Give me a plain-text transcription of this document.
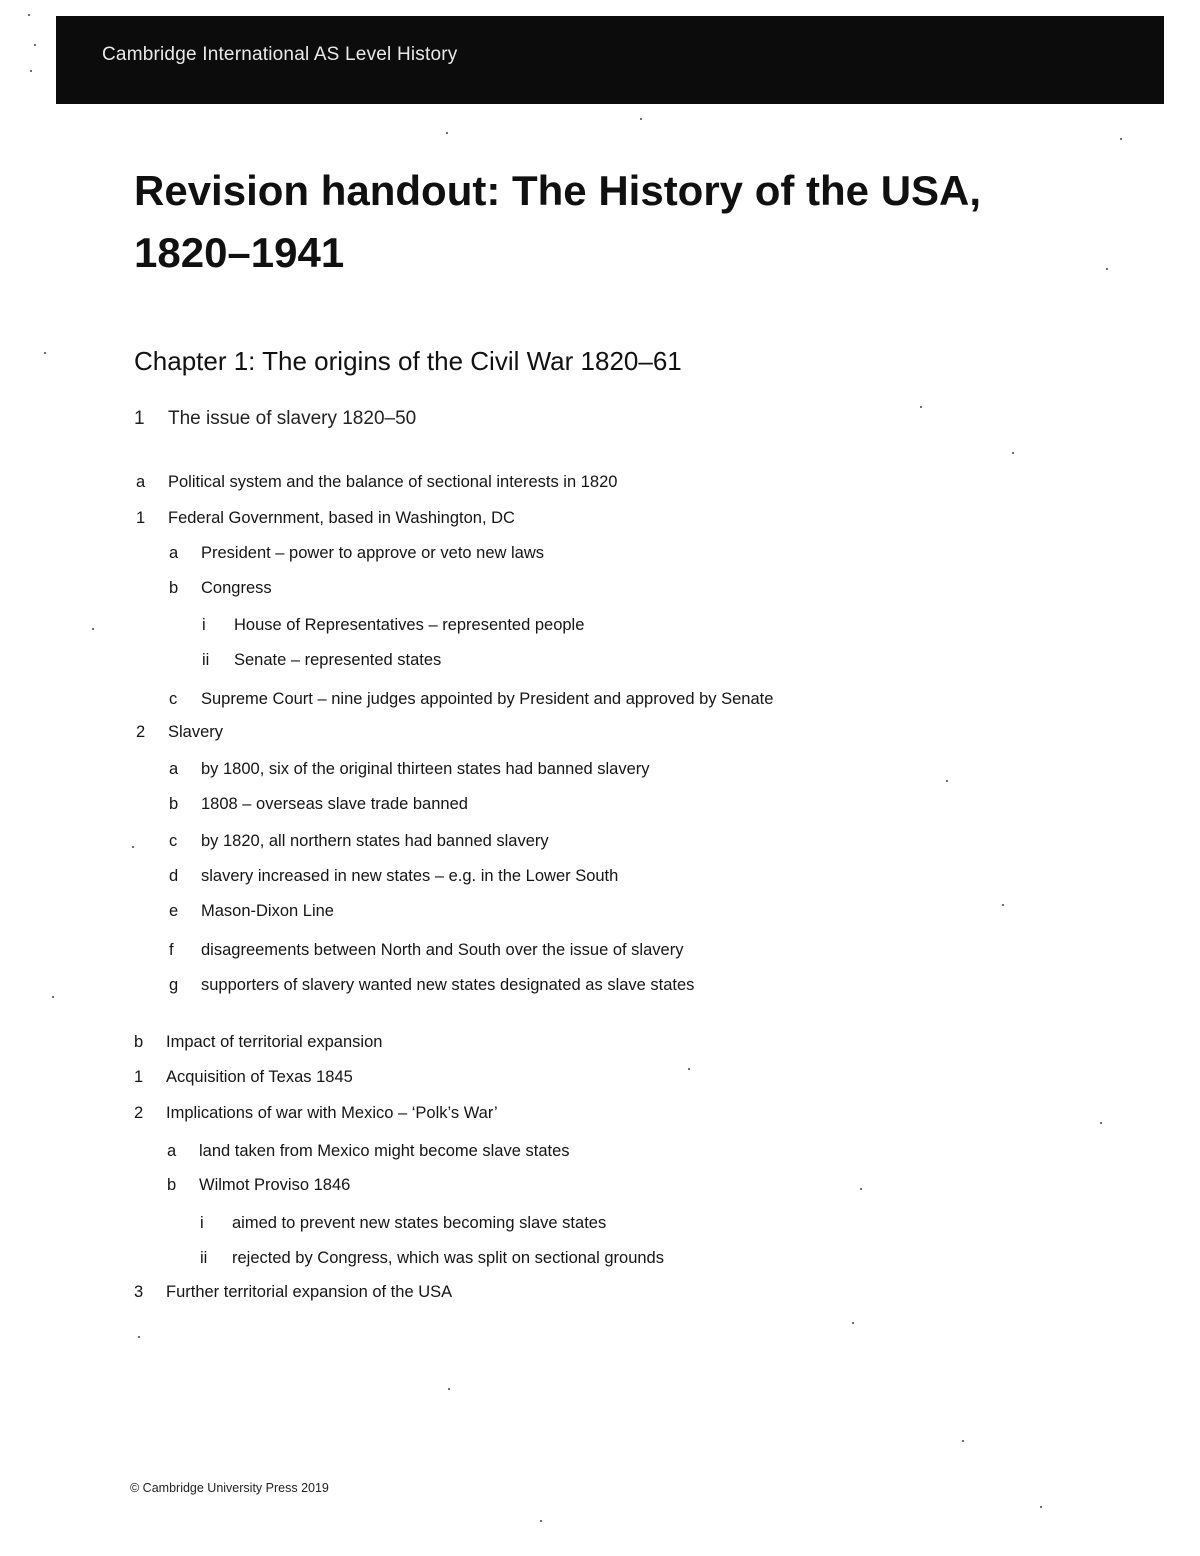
Cambridge International AS Level History
Revision handout: The History of the USA, 1820–1941
Chapter 1: The origins of the Civil War 1820–61
1 The issue of slavery 1820–50
a Political system and the balance of sectional interests in 1820
1 Federal Government, based in Washington, DC
a President – power to approve or veto new laws
b Congress
i House of Representatives – represented people
ii Senate – represented states
c Supreme Court – nine judges appointed by President and approved by Senate
2 Slavery
a by 1800, six of the original thirteen states had banned slavery
b 1808 – overseas slave trade banned
c by 1820, all northern states had banned slavery
d slavery increased in new states – e.g. in the Lower South
e Mason-Dixon Line
f disagreements between North and South over the issue of slavery
g supporters of slavery wanted new states designated as slave states
b Impact of territorial expansion
1 Acquisition of Texas 1845
2 Implications of war with Mexico – ‘Polk’s War’
a land taken from Mexico might become slave states
b Wilmot Proviso 1846
i aimed to prevent new states becoming slave states
ii rejected by Congress, which was split on sectional grounds
3 Further territorial expansion of the USA
© Cambridge University Press 2019
